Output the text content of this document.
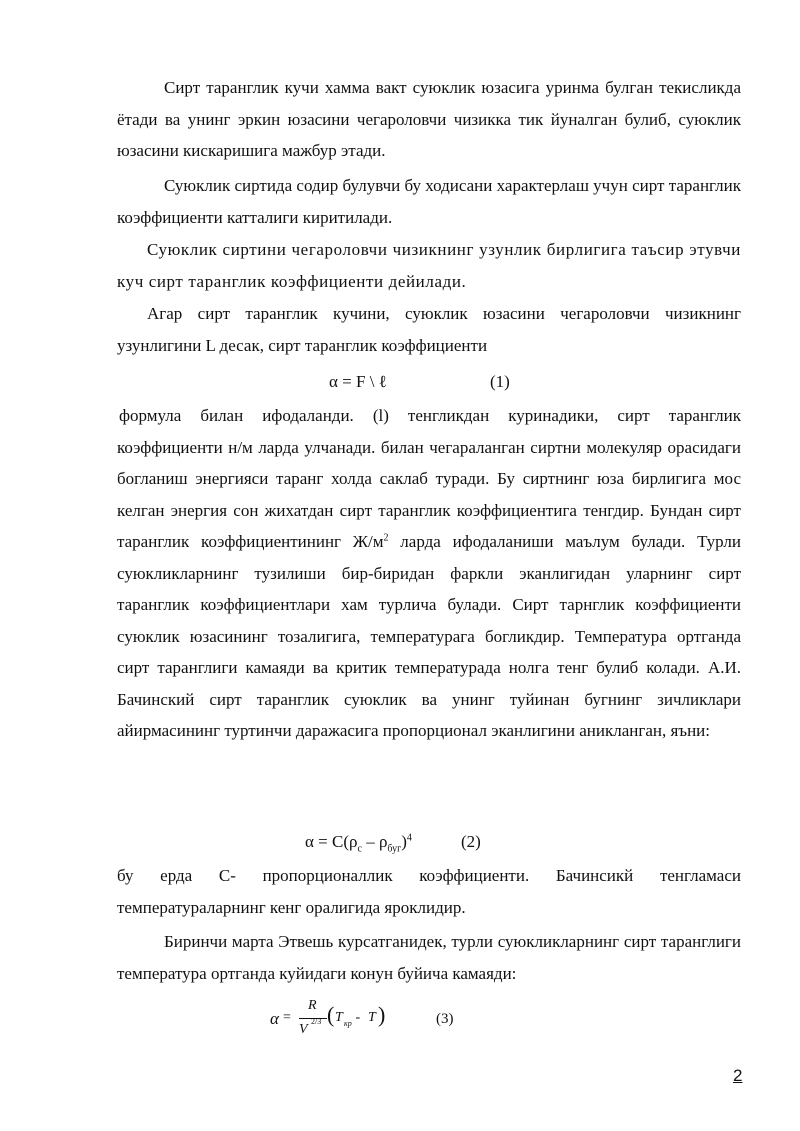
Сирт таранглик кучи хамма вакт суюклик юзасига уринма булган текисликда ётади ва унинг эркин юзасини чегароловчи чизикка тик йуналган булиб, суюклик юзасини кискаришига мажбур этади.

Суюклик сиртида содир булувчи бу ходисани характерлаш учун сирт таранглик коэффициенти катталиги киритилади.

Суюклик сиртини чегароловчи чизикнинг узунлик бирлигига таъсир этувчи куч сирт таранглик коэффициенти дейилади.

Агар сирт таранглик кучини, суюклик юзасини чегароловчи чизикнинг узунлигини L десак, сирт таранглик коэффициенти

α = F \ ℓ	(1)

формула билан ифодаланди. (l) тенгликдан куринадики, сирт таранглик коэффициенти н/м ларда улчанади. билан чегараланган сиртни молекуляр орасидаги богланиш энергияси таранг холда саклаб туради. Бу сиртнинг юза бирлигига мос келган энергия сон жихатдан сирт таранглик коэффициентига тенгдир. Бундан сирт таранглик коэффициентининг $Ж/м^2$ ларда ифодаланиши маълум булади. Турли суюкликларнинг тузилиши бир-биридан фаркли эканлигидан уларнинг сирт таранглик коэффициентлари хам турлича булади. Сирт тарнглик коэффициенти суюклик юзасининг тозалигига, температурага богликдир. Температура ортганда сирт таранглиги камаяди ва критик температурада нолга тенг булиб колади. А.И. Бачинский сирт таранглик суюклик ва унинг туйинан бугнинг зичликлари айирмасининг туртинчи даражасига пропорционал эканлигини аникланган, яъни:

$\alpha = C(\rho_c - \rho_{буг})^4$	(2)

бу ерда С- пропорционаллик коэффициенти. Бачинсикй тенгламаси температураларнинг кенг оралигида яроклидир.

Биринчи марта Этвешь курсатганидек, турли суюкликларнинг сирт таранглиги температура ортганда куйидаги конун буйича камаяди:

α =
R
V
2/3 ( T кр - T )	(3)
2
